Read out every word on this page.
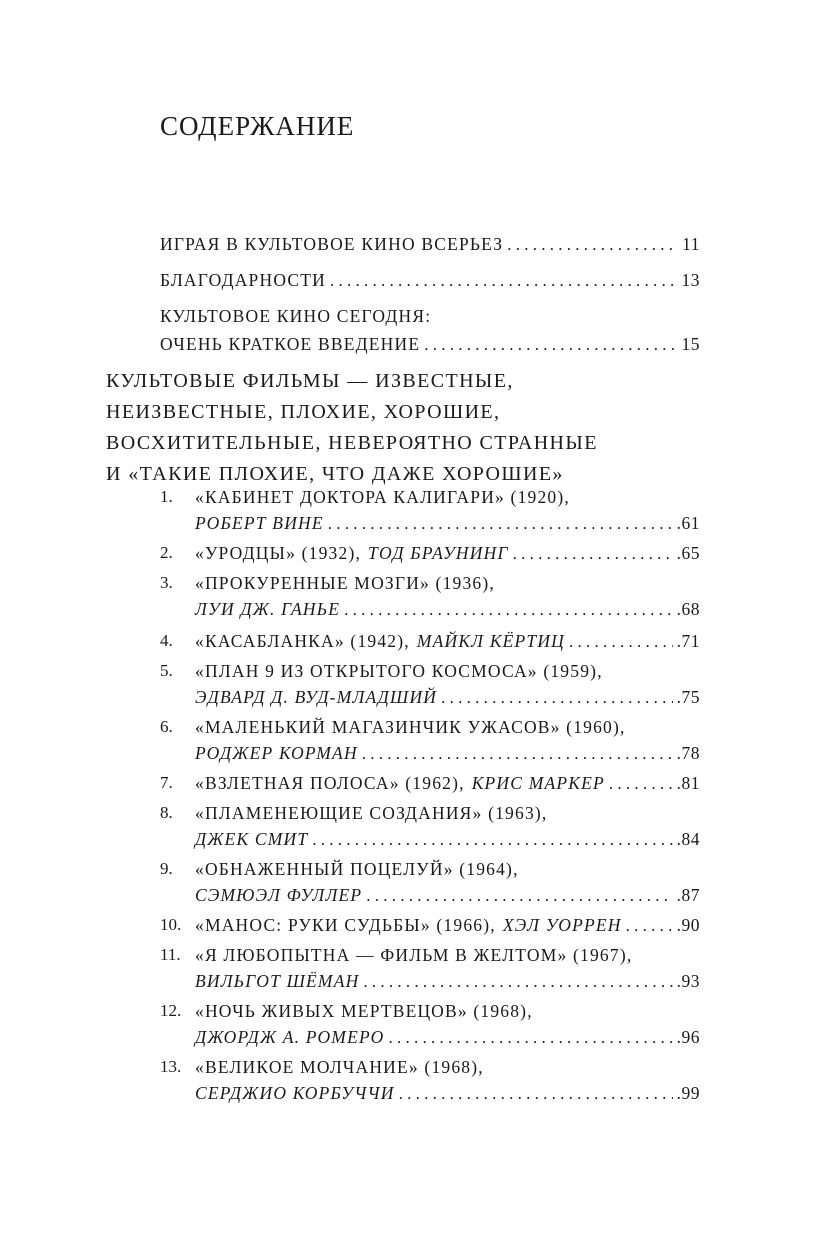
СОДЕРЖАНИЕ
ИГРАЯ В КУЛЬТОВОЕ КИНО ВСЕРЬЕЗ . . .	11
БЛАГОДАРНОСТИ . . .	13
КУЛЬТОВОЕ КИНО СЕГОДНЯ:
ОЧЕНЬ КРАТКОЕ ВВЕДЕНИЕ . . .	15
КУЛЬТОВЫЕ ФИЛЬМЫ — ИЗВЕСТНЫЕ,
НЕИЗВЕСТНЫЕ, ПЛОХИЕ, ХОРОШИЕ,
ВОСХИТИТЕЛЬНЫЕ, НЕВЕРОЯТНО СТРАННЫЕ
И «ТАКИЕ ПЛОХИЕ, ЧТО ДАЖЕ ХОРОШИЕ»
1. «КАБИНЕТ ДОКТОРА КАЛИГАРИ» (1920),
РОБЕРТ ВИНЕ . . .	.61
2. «УРОДЦЫ» (1932), ТОД БРАУНИНГ . . .	.65
3. «ПРОКУРЕННЫЕ МОЗГИ» (1936),
ЛУИ ДЖ. ГАНЬЕ . . .	.68
4. «КАСАБЛАНКА» (1942), МАЙКЛ КЁРТИЦ . . .	.71
5. «ПЛАН 9 ИЗ ОТКРЫТОГО КОСМОСА» (1959),
ЭДВАРД Д. ВУД-МЛАДШИЙ . . .	.75
6. «МАЛЕНЬКИЙ МАГАЗИНЧИК УЖАСОВ» (1960),
РОДЖЕР КОРМАН . . .	.78
7. «ВЗЛЕТНАЯ ПОЛОСА» (1962), КРИС МАРКЕР . . .	.81
8. «ПЛАМЕНЕЮЩИЕ СОЗДАНИЯ» (1963),
ДЖЕК СМИТ . . .	.84
9. «ОБНАЖЕННЫЙ ПОЦЕЛУЙ» (1964),
СЭМЮЭЛ ФУЛЛЕР . . .	.87
10. «МАНОС: РУКИ СУДЬБЫ» (1966), ХЭЛ УОРРЕН . . .	.90
11. «Я ЛЮБОПЫТНА — ФИЛЬМ В ЖЕЛТОМ» (1967),
ВИЛЬГОТ ШЁМАН . . .	.93
12. «НОЧЬ ЖИВЫХ МЕРТВЕЦОВ» (1968),
ДЖОРДЖ А. РОМЕРО . . .	.96
13. «ВЕЛИКОЕ МОЛЧАНИЕ» (1968),
СЕРДЖИО КОРБУЧЧИ . . .	.99
